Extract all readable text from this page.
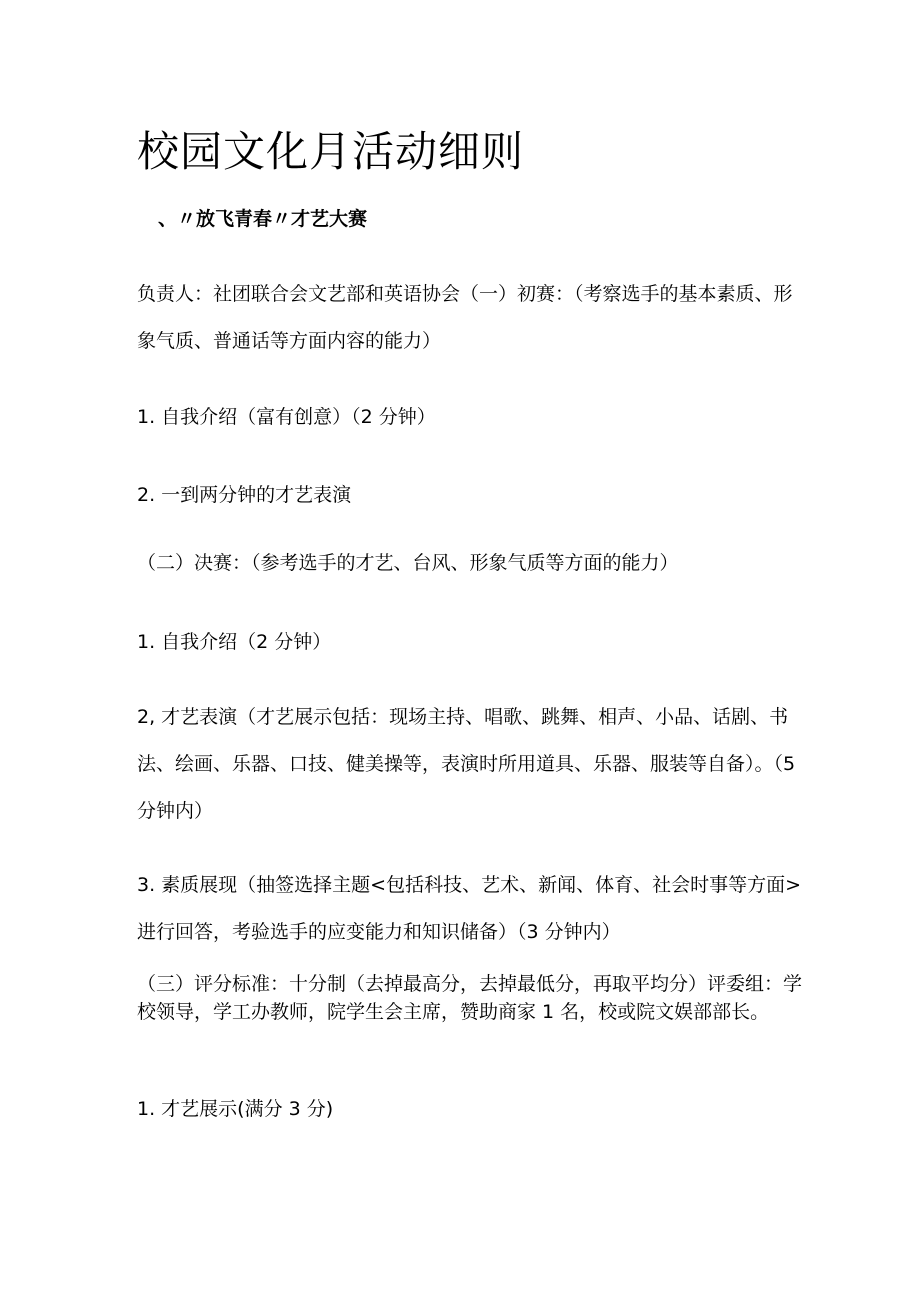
校园文化月活动细则
、〃放飞青春〃才艺大赛

负责人：社团联合会文艺部和英语协会（一）初赛：（考察选手的基本素质、形象气质、普通话等方面内容的能力）

1. 自我介绍（富有创意）（2 分钟）

2. 一到两分钟的才艺表演

（二）决赛：（参考选手的才艺、台风、形象气质等方面的能力）

1. 自我介绍（2 分钟）

2, 才艺表演（才艺展示包括：现场主持、唱歌、跳舞、相声、小品、话剧、书法、绘画、乐器、口技、健美操等，表演时所用道具、乐器、服装等自备）。（5 分钟内）

3. 素质展现（抽签选择主题<包括科技、艺术、新闻、体育、社会时事等方面>进行回答，考验选手的应变能力和知识储备）（3 分钟内）

（三）评分标准：十分制（去掉最高分，去掉最低分，再取平均分）评委组：学校领导，学工办教师，院学生会主席，赞助商家 1 名，校或院文娱部部长。

1. 才艺展示(满分 3 分)
